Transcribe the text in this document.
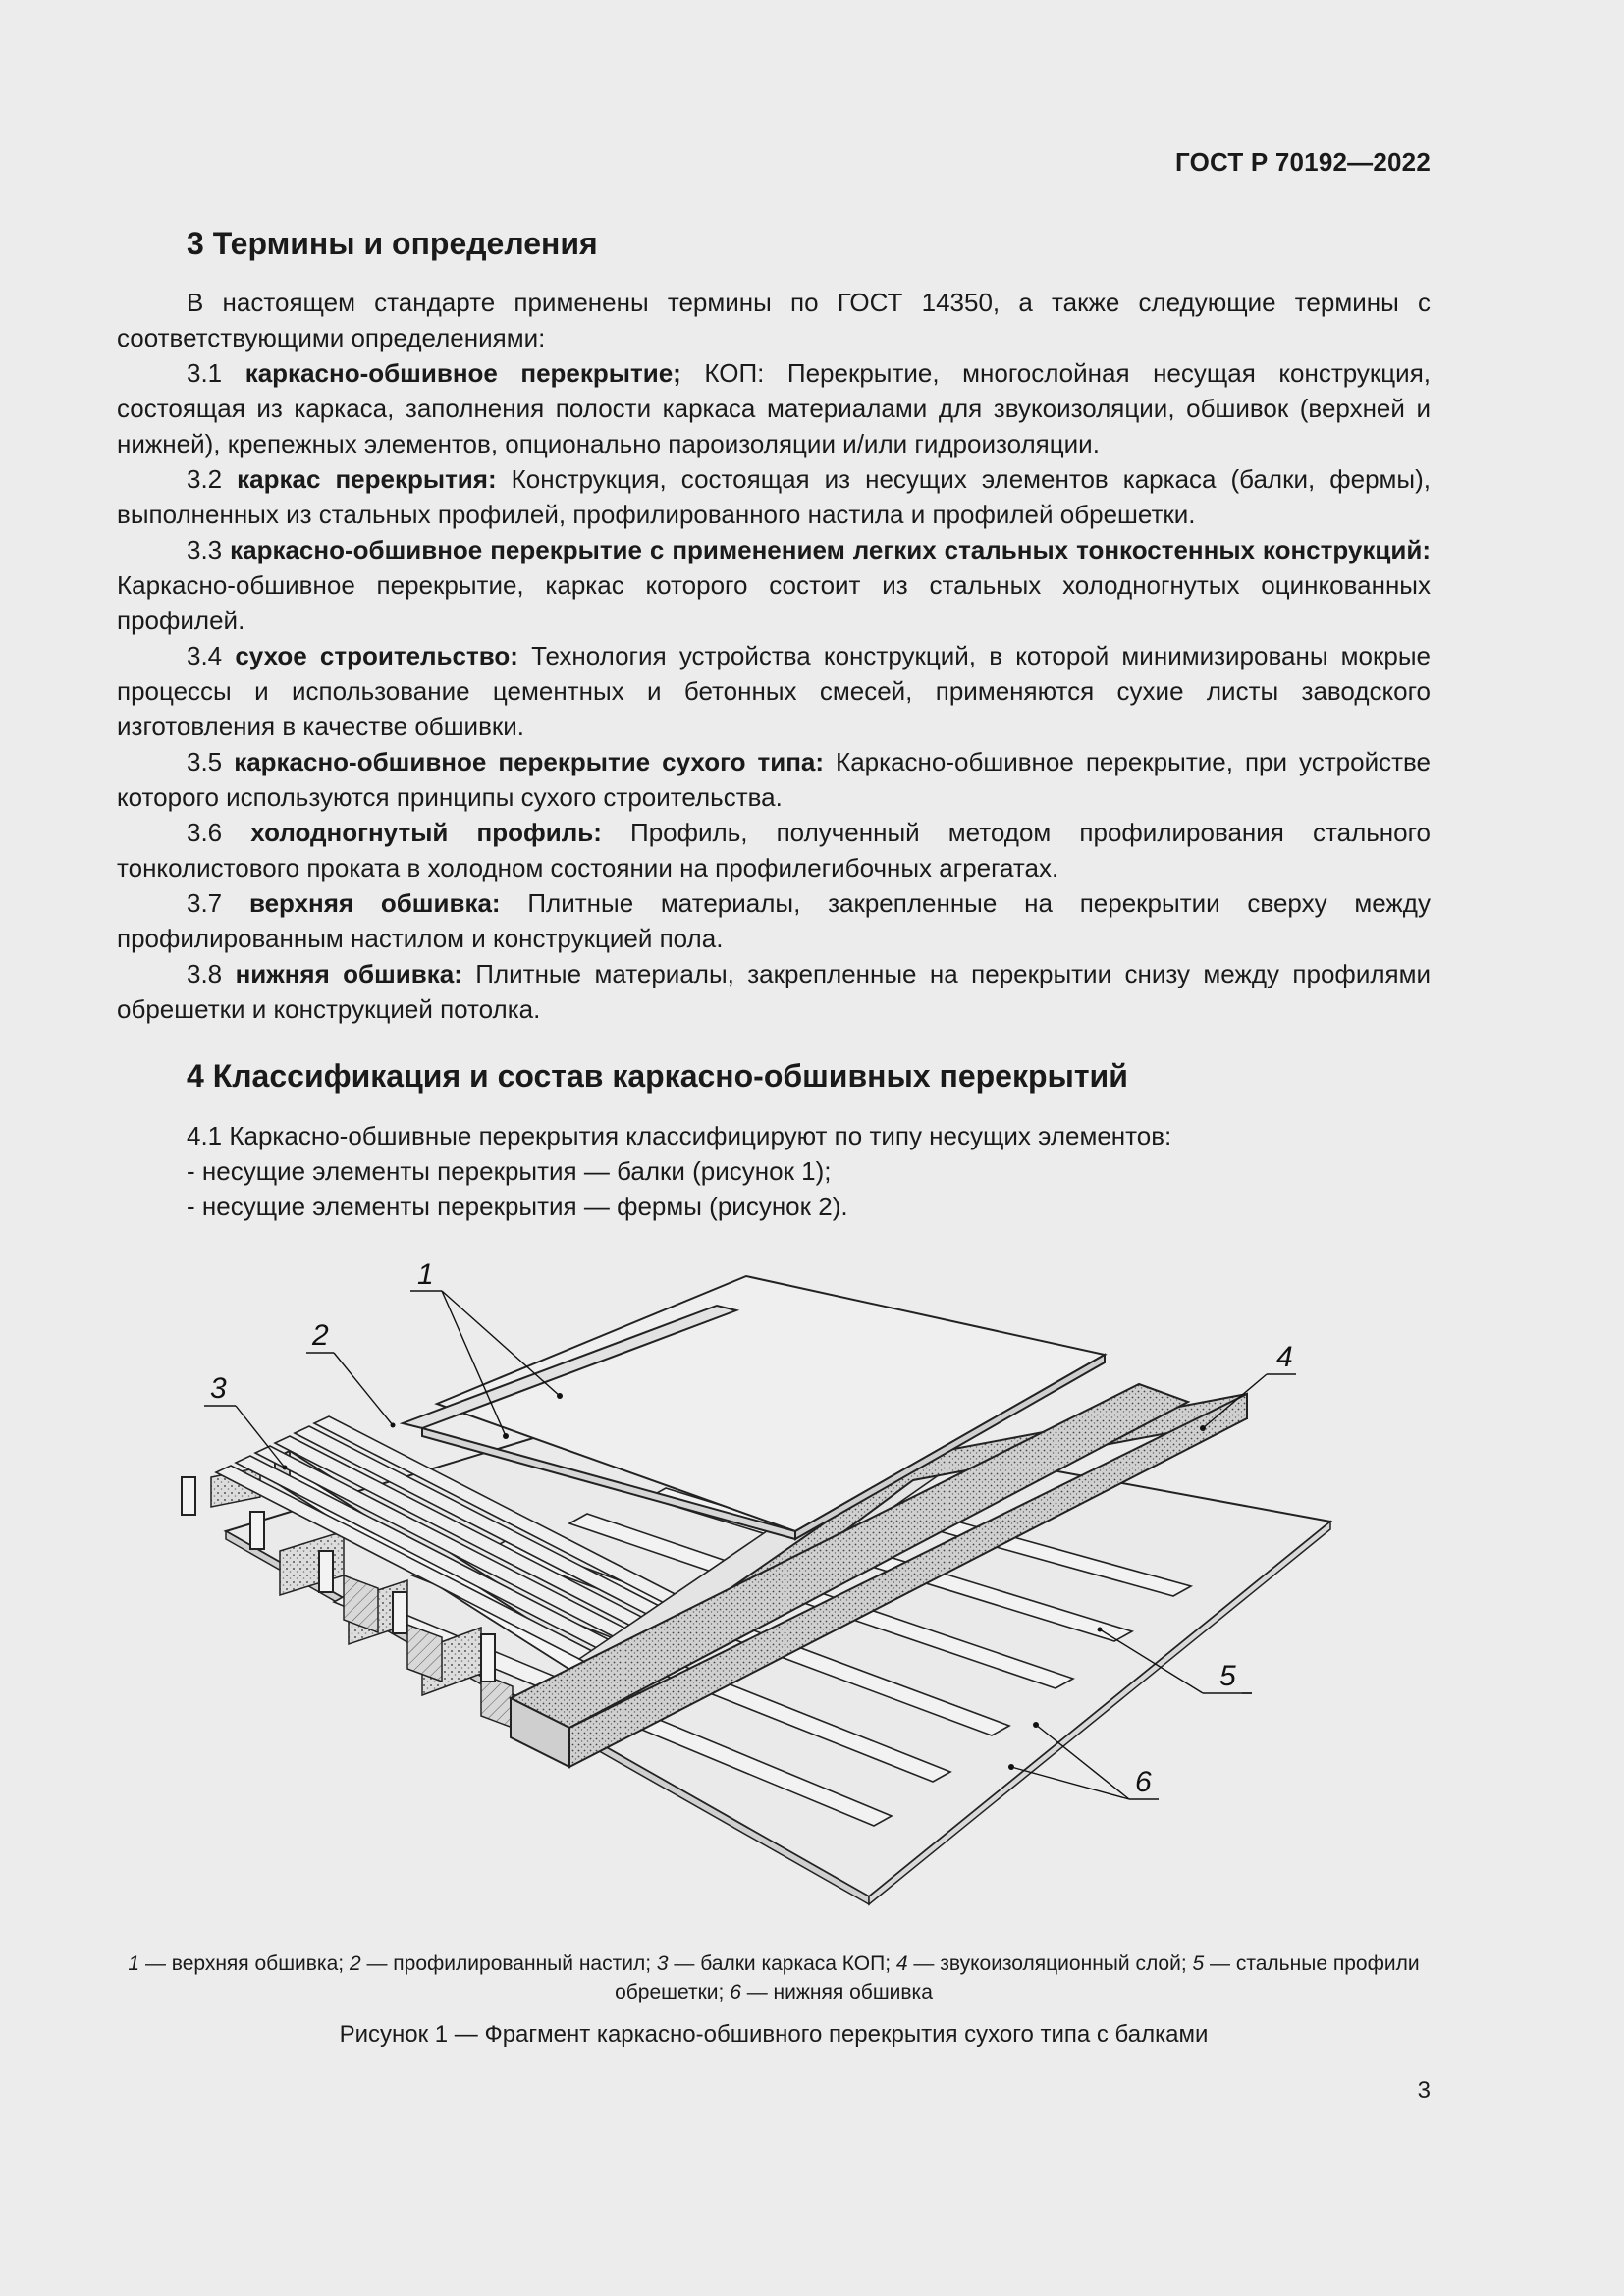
ГОСТ Р 70192—2022
3 Термины и определения

В настоящем стандарте применены термины по ГОСТ 14350, а также следующие термины с соответствующими определениями:

3.1 каркасно-обшивное перекрытие; КОП: Перекрытие, многослойная несущая конструкция, состоящая из каркаса, заполнения полости каркаса материалами для звукоизоляции, обшивок (верхней и нижней), крепежных элементов, опционально пароизоляции и/или гидроизоляции.

3.2 каркас перекрытия: Конструкция, состоящая из несущих элементов каркаса (балки, фермы), выполненных из стальных профилей, профилированного настила и профилей обрешетки.

3.3 каркасно-обшивное перекрытие с применением легких стальных тонкостенных конструкций: Каркасно-обшивное перекрытие, каркас которого состоит из стальных холодногнутых оцинкованных профилей.

3.4 сухое строительство: Технология устройства конструкций, в которой минимизированы мокрые процессы и использование цементных и бетонных смесей, применяются сухие листы заводского изготовления в качестве обшивки.

3.5 каркасно-обшивное перекрытие сухого типа: Каркасно-обшивное перекрытие, при устройстве которого используются принципы сухого строительства.

3.6 холодногнутый профиль: Профиль, полученный методом профилирования стального тонколистового проката в холодном состоянии на профилегибочных агрегатах.

3.7 верхняя обшивка: Плитные материалы, закрепленные на перекрытии сверху между профилированным настилом и конструкцией пола.

3.8 нижняя обшивка: Плитные материалы, закрепленные на перекрытии снизу между профилями обрешетки и конструкцией потолка.

4 Классификация и состав каркасно-обшивных перекрытий

4.1 Каркасно-обшивные перекрытия классифицируют по типу несущих элементов:

- несущие элементы перекрытия — балки (рисунок 1);

- несущие элементы перекрытия — фермы (рисунок 2).

1
2
3
4
5
6
1 — верхняя обшивка; 2 — профилированный настил; 3 — балки каркаса КОП; 4 — звукоизоляционный слой; 5 — стальные профили обрешетки; 6 — нижняя обшивка
Рисунок 1 — Фрагмент каркасно-обшивного перекрытия сухого типа с балками
3
